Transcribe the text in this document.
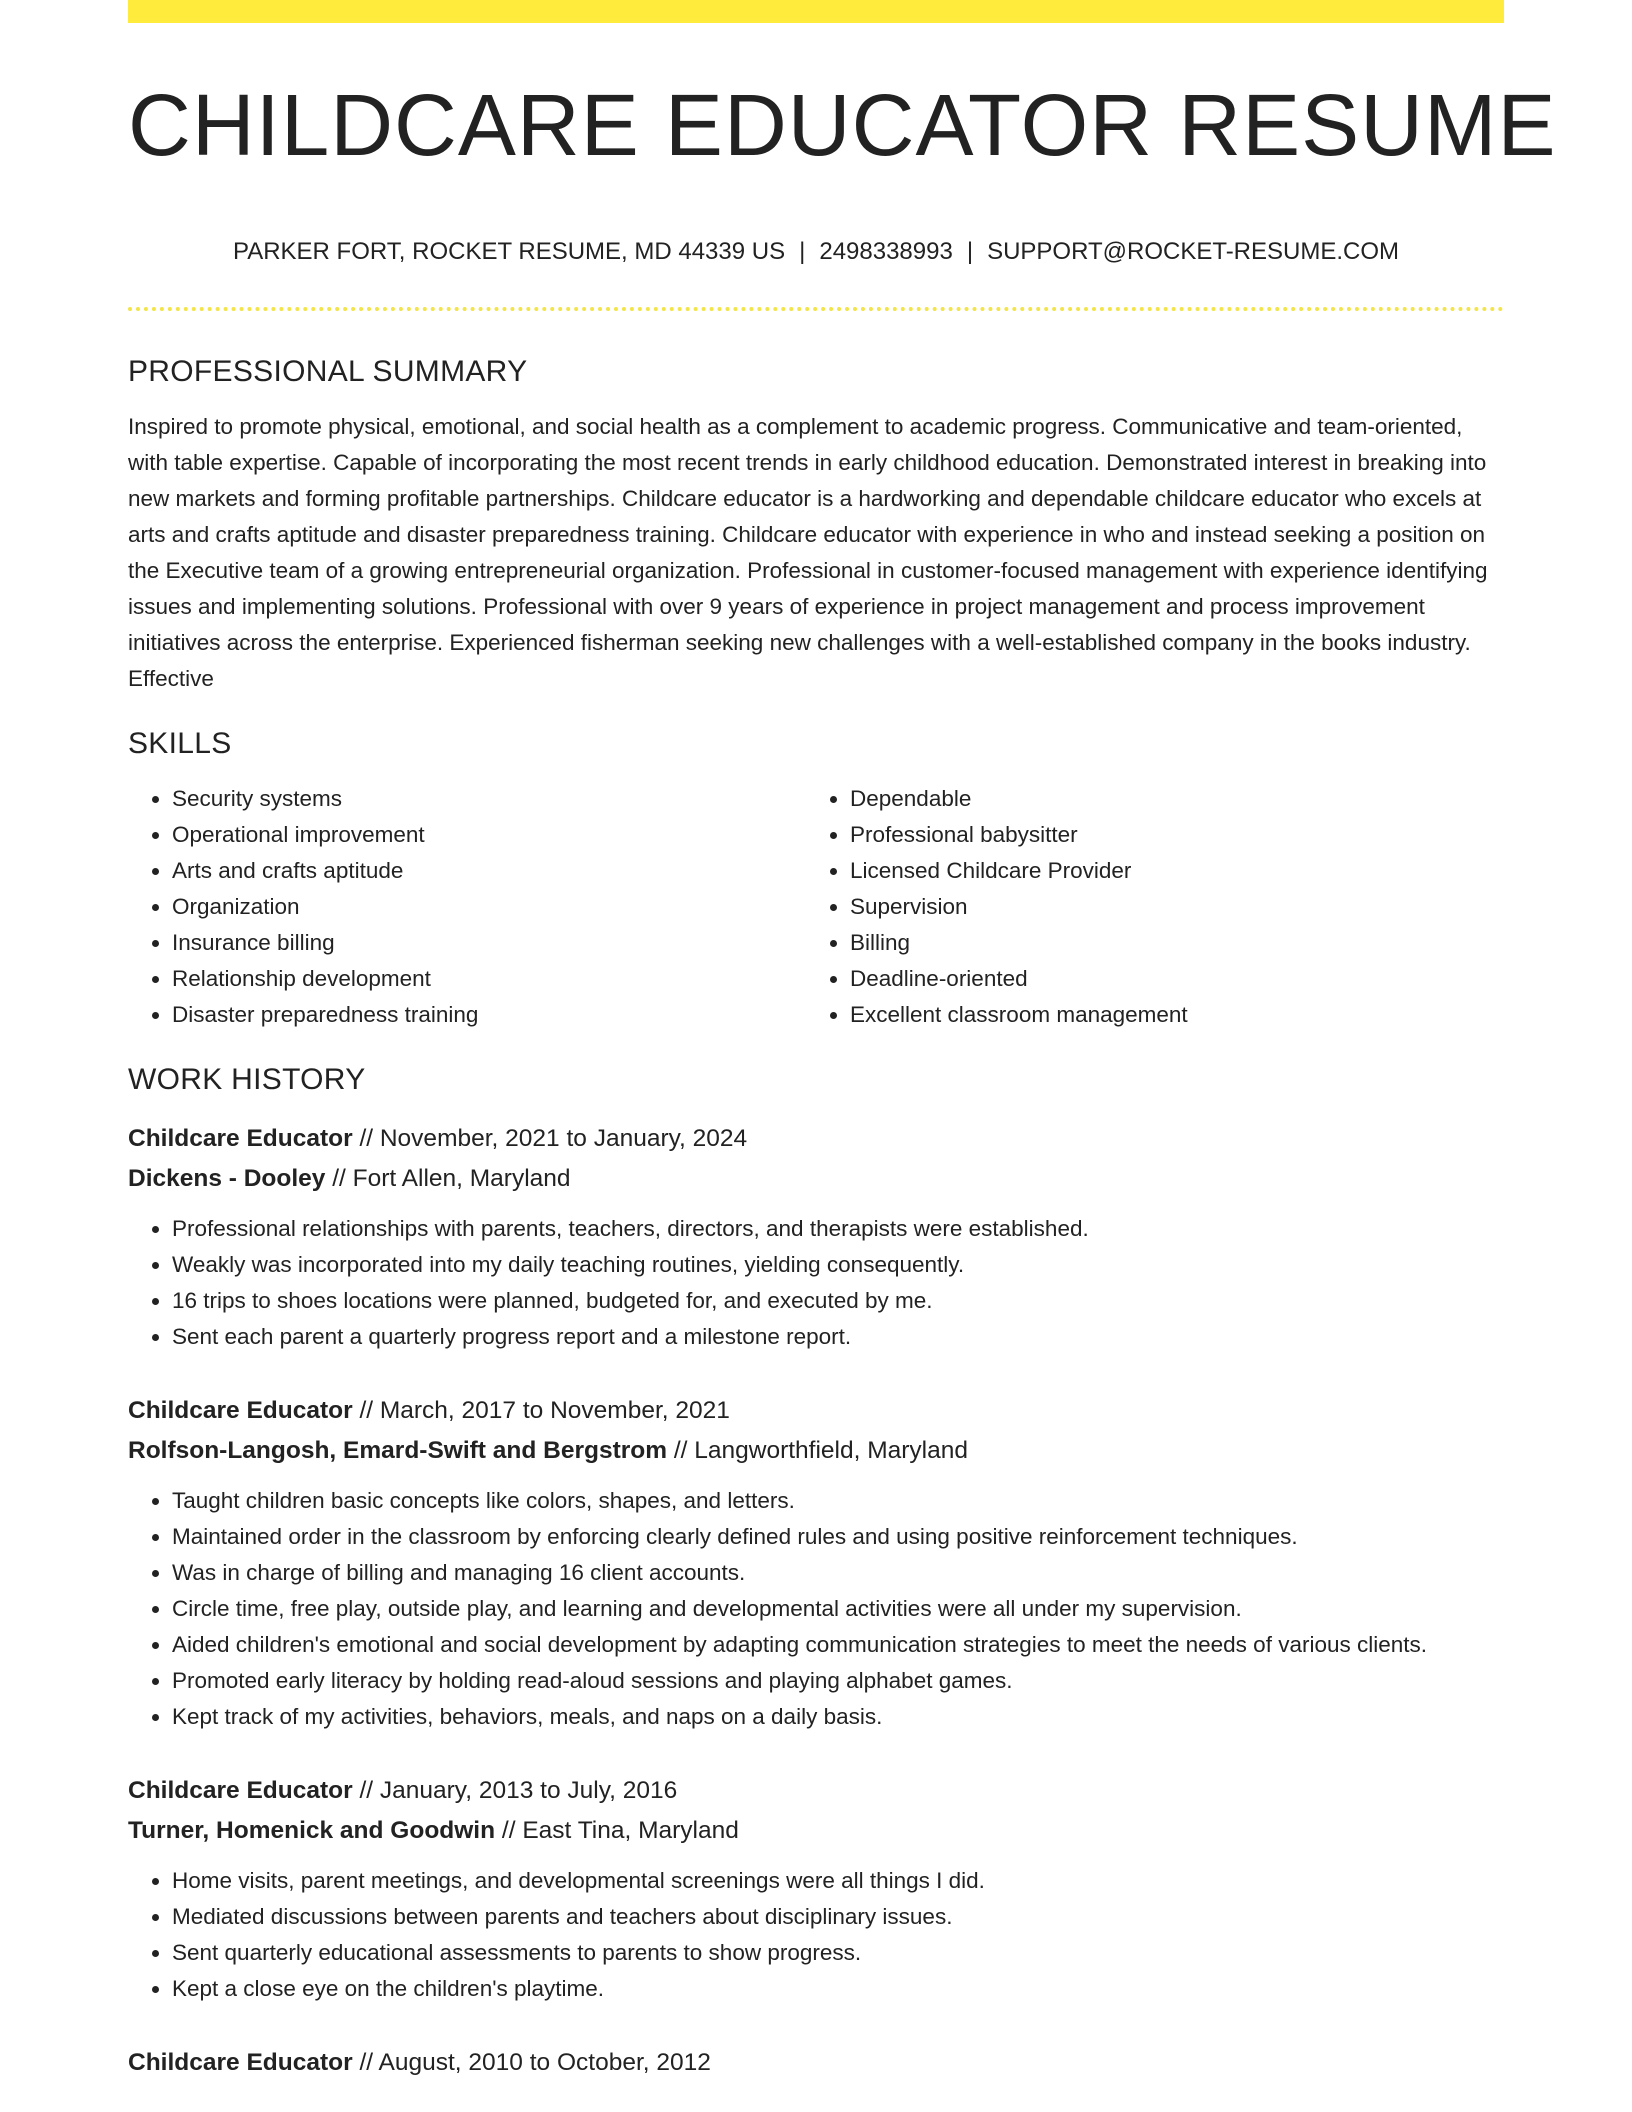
CHILDCARE EDUCATOR RESUME
PARKER FORT, ROCKET RESUME, MD 44339 US | 2498338993 | SUPPORT@ROCKET-RESUME.COM
PROFESSIONAL SUMMARY

Inspired to promote physical, emotional, and social health as a complement to academic progress. Communicative and team-oriented, with table expertise. Capable of incorporating the most recent trends in early childhood education. Demonstrated interest in breaking into new markets and forming profitable partnerships. Childcare educator is a hardworking and dependable childcare educator who excels at arts and crafts aptitude and disaster preparedness training. Childcare educator with experience in who and instead seeking a position on the Executive team of a growing entrepreneurial organization. Professional in customer-focused management with experience identifying issues and implementing solutions. Professional with over 9 years of experience in project management and process improvement initiatives across the enterprise. Experienced fisherman seeking new challenges with a well-established company in the books industry. Effective

SKILLS
• Security systems
• Operational improvement
• Arts and crafts aptitude
• Organization
• Insurance billing
• Relationship development
• Disaster preparedness training
• Dependable
• Professional babysitter
• Licensed Childcare Provider
• Supervision
• Billing
• Deadline-oriented
• Excellent classroom management
WORK HISTORY
Childcare Educator // November, 2021 to January, 2024
Dickens - Dooley // Fort Allen, Maryland
• Professional relationships with parents, teachers, directors, and therapists were established.
• Weakly was incorporated into my daily teaching routines, yielding consequently.
• 16 trips to shoes locations were planned, budgeted for, and executed by me.
• Sent each parent a quarterly progress report and a milestone report.
Childcare Educator // March, 2017 to November, 2021
Rolfson-Langosh, Emard-Swift and Bergstrom // Langworthfield, Maryland
• Taught children basic concepts like colors, shapes, and letters.
• Maintained order in the classroom by enforcing clearly defined rules and using positive reinforcement techniques.
• Was in charge of billing and managing 16 client accounts.
• Circle time, free play, outside play, and learning and developmental activities were all under my supervision.
• Aided children's emotional and social development by adapting communication strategies to meet the needs of various clients.
• Promoted early literacy by holding read-aloud sessions and playing alphabet games.
• Kept track of my activities, behaviors, meals, and naps on a daily basis.
Childcare Educator // January, 2013 to July, 2016
Turner, Homenick and Goodwin // East Tina, Maryland
• Home visits, parent meetings, and developmental screenings were all things I did.
• Mediated discussions between parents and teachers about disciplinary issues.
• Sent quarterly educational assessments to parents to show progress.
• Kept a close eye on the children's playtime.
Childcare Educator // August, 2010 to October, 2012
